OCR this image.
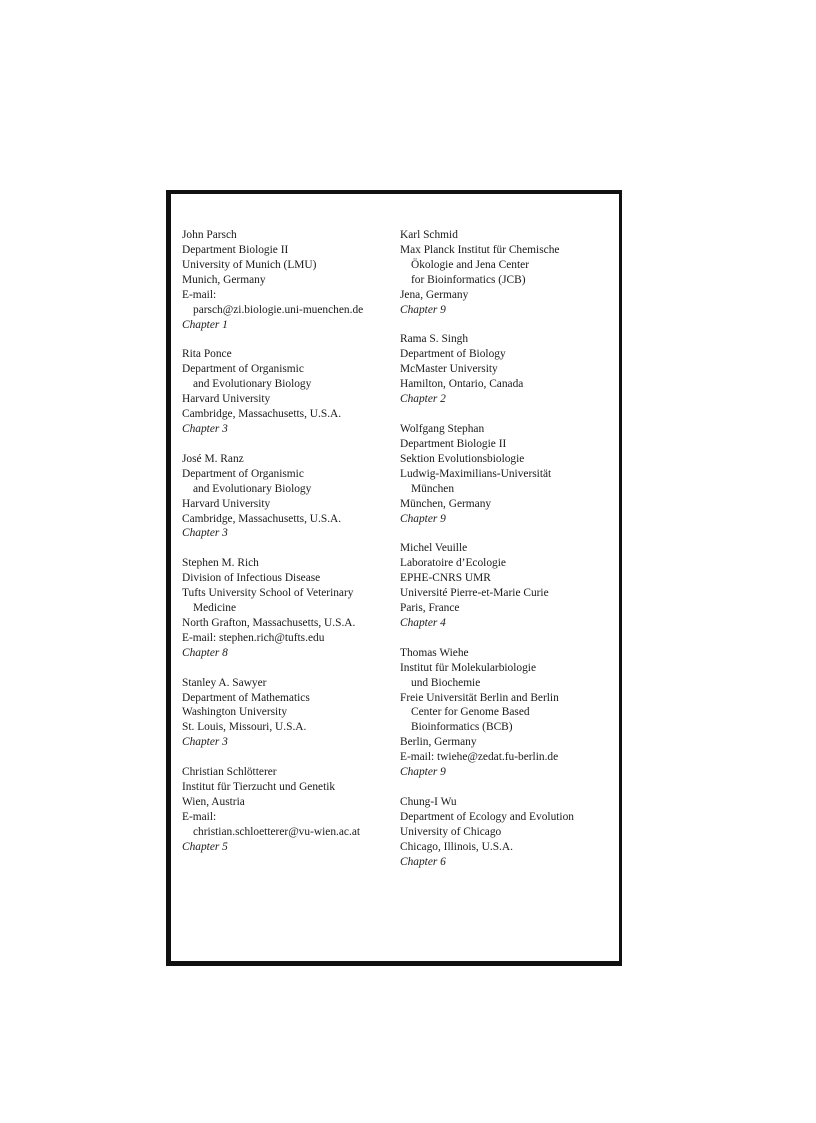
John Parsch
Department Biologie II
University of Munich (LMU)
Munich, Germany
E-mail:
parsch@zi.biologie.uni-muenchen.de
Chapter 1
Rita Ponce
Department of Organismic
and Evolutionary Biology
Harvard University
Cambridge, Massachusetts, U.S.A.
Chapter 3
José M. Ranz
Department of Organismic
and Evolutionary Biology
Harvard University
Cambridge, Massachusetts, U.S.A.
Chapter 3
Stephen M. Rich
Division of Infectious Disease
Tufts University School of Veterinary
Medicine
North Grafton, Massachusetts, U.S.A.
E-mail: stephen.rich@tufts.edu
Chapter 8
Stanley A. Sawyer
Department of Mathematics
Washington University
St. Louis, Missouri, U.S.A.
Chapter 3
Christian Schlötterer
Institut für Tierzucht und Genetik
Wien, Austria
E-mail:
christian.schloetterer@vu-wien.ac.at
Chapter 5
Karl Schmid
Max Planck Institut für Chemische
Ökologie and Jena Center
for Bioinformatics (JCB)
Jena, Germany
Chapter 9
Rama S. Singh
Department of Biology
McMaster University
Hamilton, Ontario, Canada
Chapter 2
Wolfgang Stephan
Department Biologie II
Sektion Evolutionsbiologie
Ludwig-Maximilians-Universität
München
München, Germany
Chapter 9
Michel Veuille
Laboratoire d’Ecologie
EPHE-CNRS UMR
Université Pierre-et-Marie Curie
Paris, France
Chapter 4
Thomas Wiehe
Institut für Molekularbiologie
und Biochemie
Freie Universität Berlin and Berlin
Center for Genome Based
Bioinformatics (BCB)
Berlin, Germany
E-mail: twiehe@zedat.fu-berlin.de
Chapter 9
Chung-I Wu
Department of Ecology and Evolution
University of Chicago
Chicago, Illinois, U.S.A.
Chapter 6
